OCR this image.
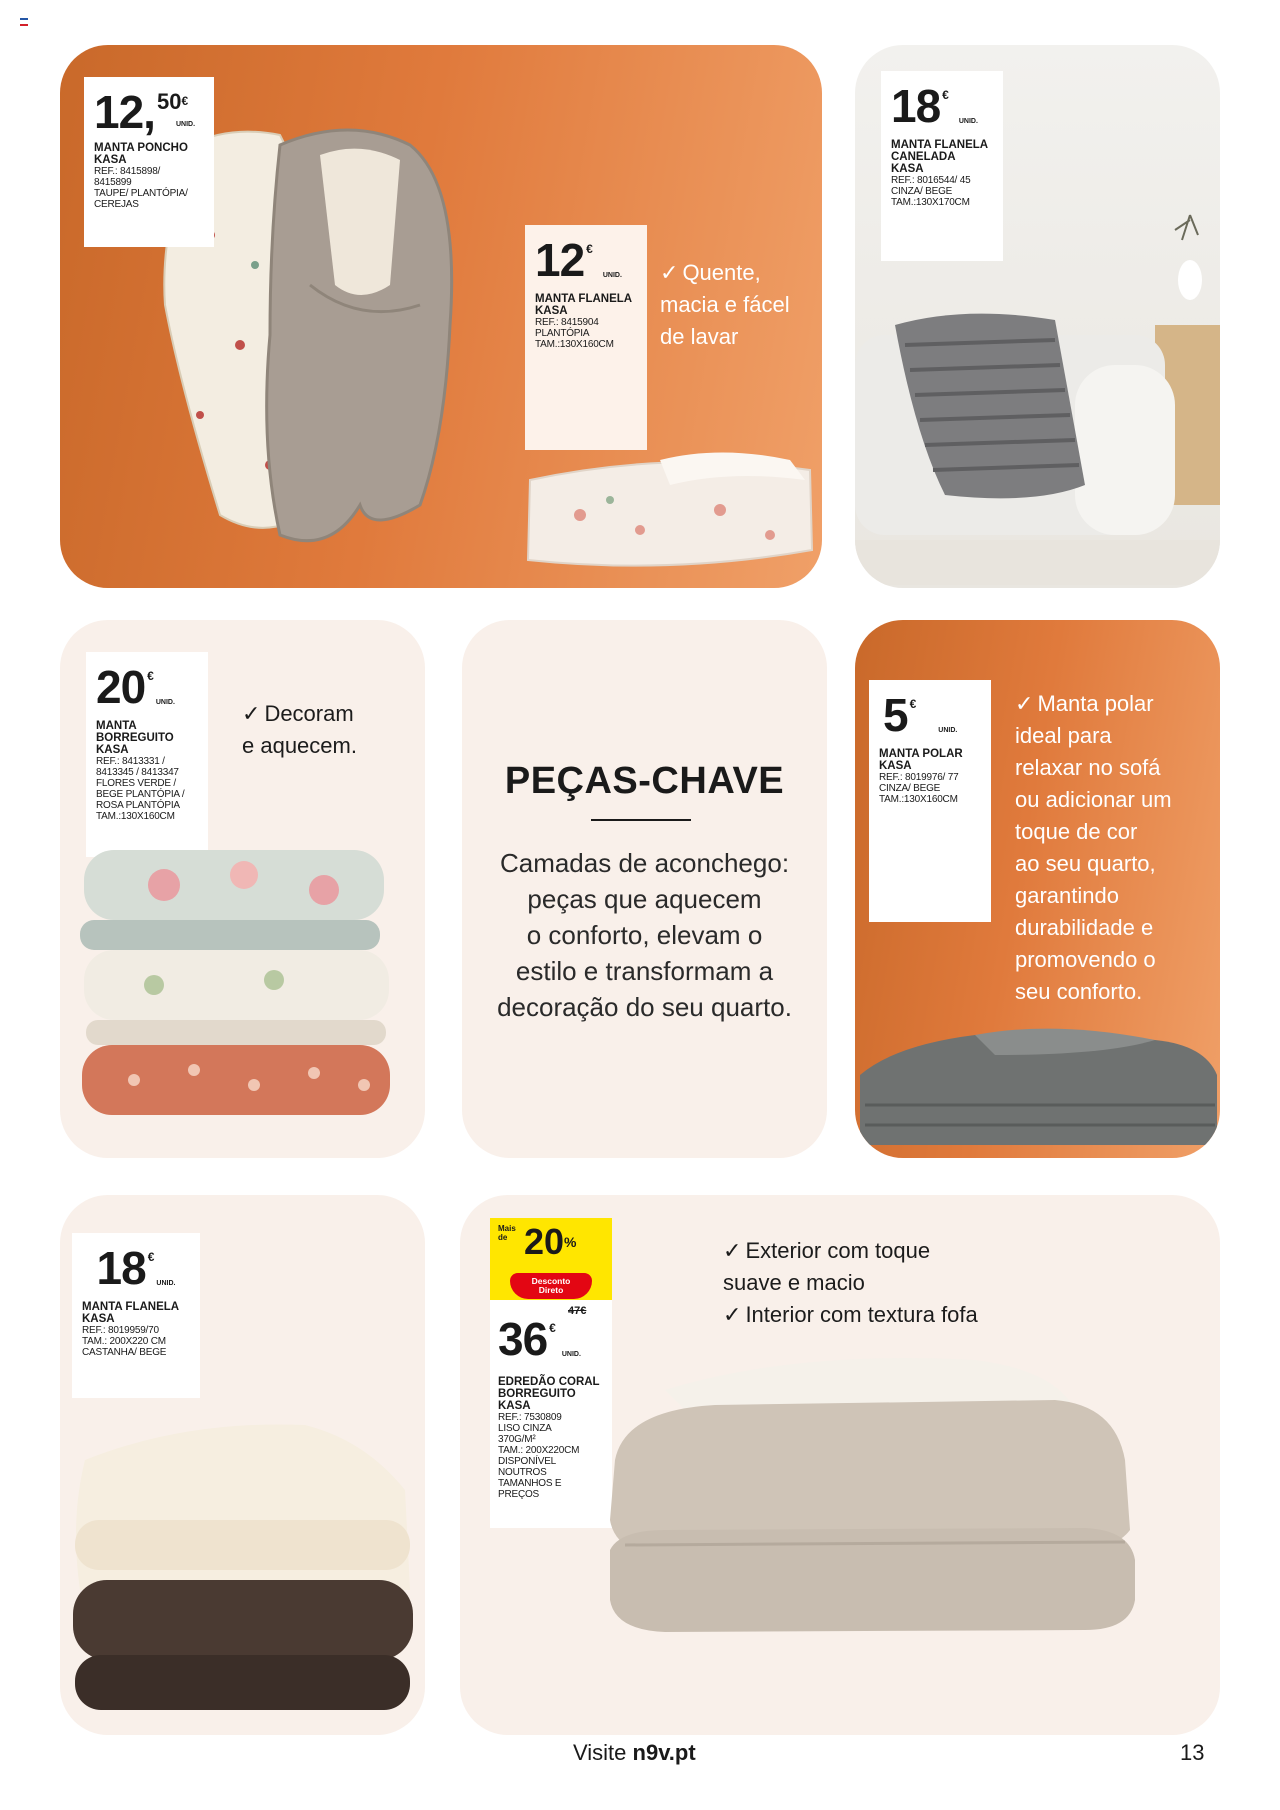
12, 50 €
UNID.
MANTA PONCHO
KASA
REF.: 8415898/
8415899
TAUPE/ PLANTÓPIA/
CEREJAS
12 €
UNID.
MANTA FLANELA
KASA
REF.: 8415904
PLANTÓPIA
TAM.:130X160CM
✓ Quente,
macia e fácel
de lavar
18 €
UNID.
MANTA FLANELA
CANELADA
KASA
REF.: 8016544/ 45
CINZA/ BEGE
TAM.:130X170CM
20 €
UNID.
MANTA
BORREGUITO
KASA
REF.: 8413331 /
8413345 / 8413347
FLORES VERDE /
BEGE PLANTÓPIA /
ROSA PLANTÓPIA
TAM.:130X160CM
✓ Decoram
e aquecem.
PEÇAS-CHAVE
Camadas de aconchego:
peças que aquecem
o conforto, elevam o
estilo e transformam a
decoração do seu quarto.
5 €
UNID.
MANTA POLAR
KASA
REF.: 8019976/ 77
CINZA/ BEGE
TAM.:130X160CM
✓ Manta polar
ideal para
relaxar no sofá
ou adicionar um
toque de cor
ao seu quarto,
garantindo
durabilidade e
promovendo o
seu conforto.
18 €
UNID.
MANTA FLANELA
KASA
REF.: 8019959/70
TAM.: 200X220 CM
CASTANHA/ BEGE
Mais
de 20%
Desconto
Direto
47€
36 €
UNID.
EDREDÃO CORAL
BORREGUITO
KASA
REF.: 7530809
LISO CINZA
370G/M²
TAM.: 200X220CM
DISPONÍVEL
NOUTROS
TAMANHOS E
PREÇOS
✓ Exterior com toque
suave e macio
✓ Interior com textura fofa
Visite n9v.pt	13
